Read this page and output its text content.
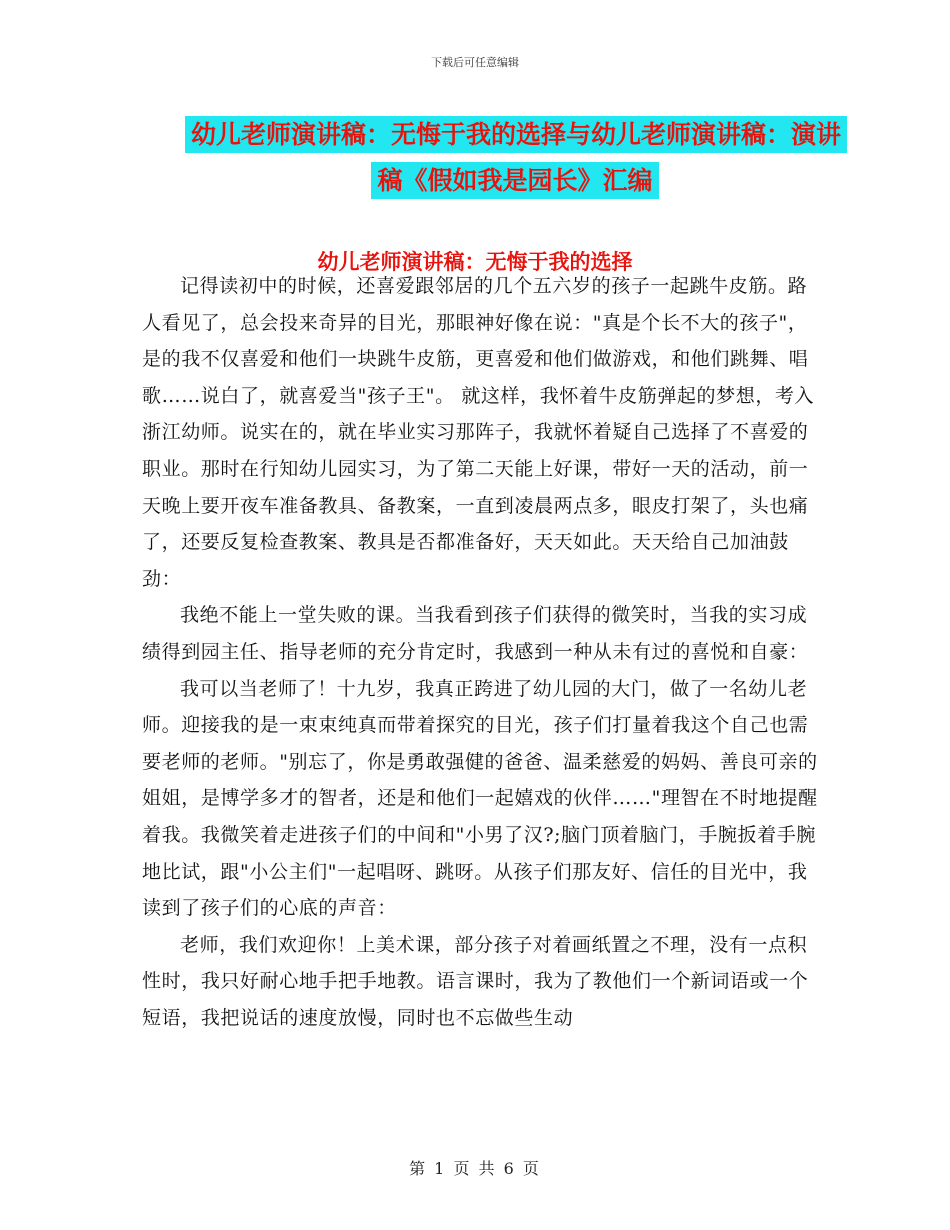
下载后可任意编辑
幼儿老师演讲稿：无悔于我的选择与幼儿老师演讲稿：演讲稿《假如我是园长》汇编
幼儿老师演讲稿：无悔于我的选择

记得读初中的时候，还喜爱跟邻居的几个五六岁的孩子一起跳牛皮筋。路人看见了，总会投来奇异的目光，那眼神好像在说："真是个长不大的孩子"，是的我不仅喜爱和他们一块跳牛皮筋，更喜爱和他们做游戏，和他们跳舞、唱歌……说白了，就喜爱当"孩子王"。 就这样，我怀着牛皮筋弹起的梦想，考入浙江幼师。说实在的，就在毕业实习那阵子，我就怀着疑自己选择了不喜爱的职业。那时在行知幼儿园实习，为了第二天能上好课，带好一天的活动，前一天晚上要开夜车准备教具、备教案，一直到凌晨两点多，眼皮打架了，头也痛了，还要反复检查教案、教具是否都准备好，天天如此。天天给自己加油鼓劲：

我绝不能上一堂失败的课。当我看到孩子们获得的微笑时，当我的实习成绩得到园主任、指导老师的充分肯定时，我感到一种从未有过的喜悦和自豪：

我可以当老师了！十九岁，我真正跨进了幼儿园的大门，做了一名幼儿老师。迎接我的是一束束纯真而带着探究的目光，孩子们打量着我这个自己也需要老师的老师。"别忘了，你是勇敢强健的爸爸、温柔慈爱的妈妈、善良可亲的姐姐，是博学多才的智者，还是和他们一起嬉戏的伙伴……"理智在不时地提醒着我。我微笑着走进孩子们的中间和"小男了汉?;脑门顶着脑门，手腕扳着手腕地比试，跟"小公主们"一起唱呀、跳呀。从孩子们那友好、信任的目光中，我读到了孩子们的心底的声音：

老师，我们欢迎你！上美术课，部分孩子对着画纸置之不理，没有一点积性时，我只好耐心地手把手地教。语言课时，我为了教他们一个新词语或一个短语，我把说话的速度放慢，同时也不忘做些生动

第 1 页 共 6 页
